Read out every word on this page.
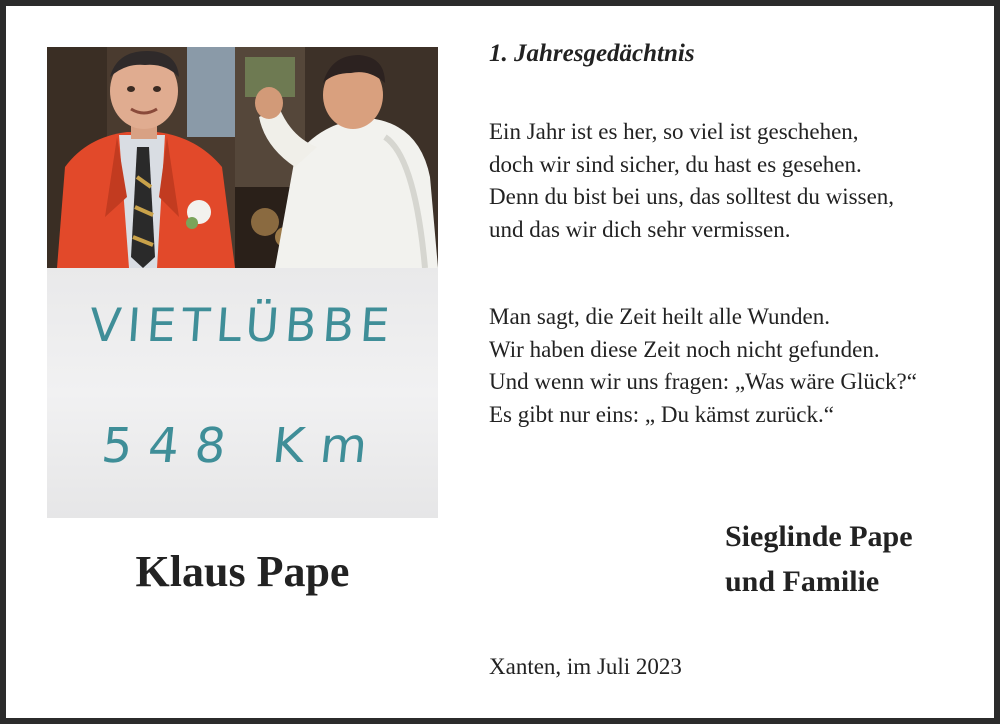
VIETLÜBBE
548 Km
Klaus Pape
1. Jahresgedächtnis
Ein Jahr ist es her, so viel ist geschehen,
doch wir sind sicher, du hast es gesehen.
Denn du bist bei uns, das solltest du wissen,
und das wir dich sehr vermissen.
Man sagt, die Zeit heilt alle Wunden.
Wir haben diese Zeit noch nicht gefunden.
Und wenn wir uns fragen: „Was wäre Glück?“
Es gibt nur eins: „ Du kämst zurück.“
Sieglinde Pape
und Familie
Xanten, im Juli 2023
